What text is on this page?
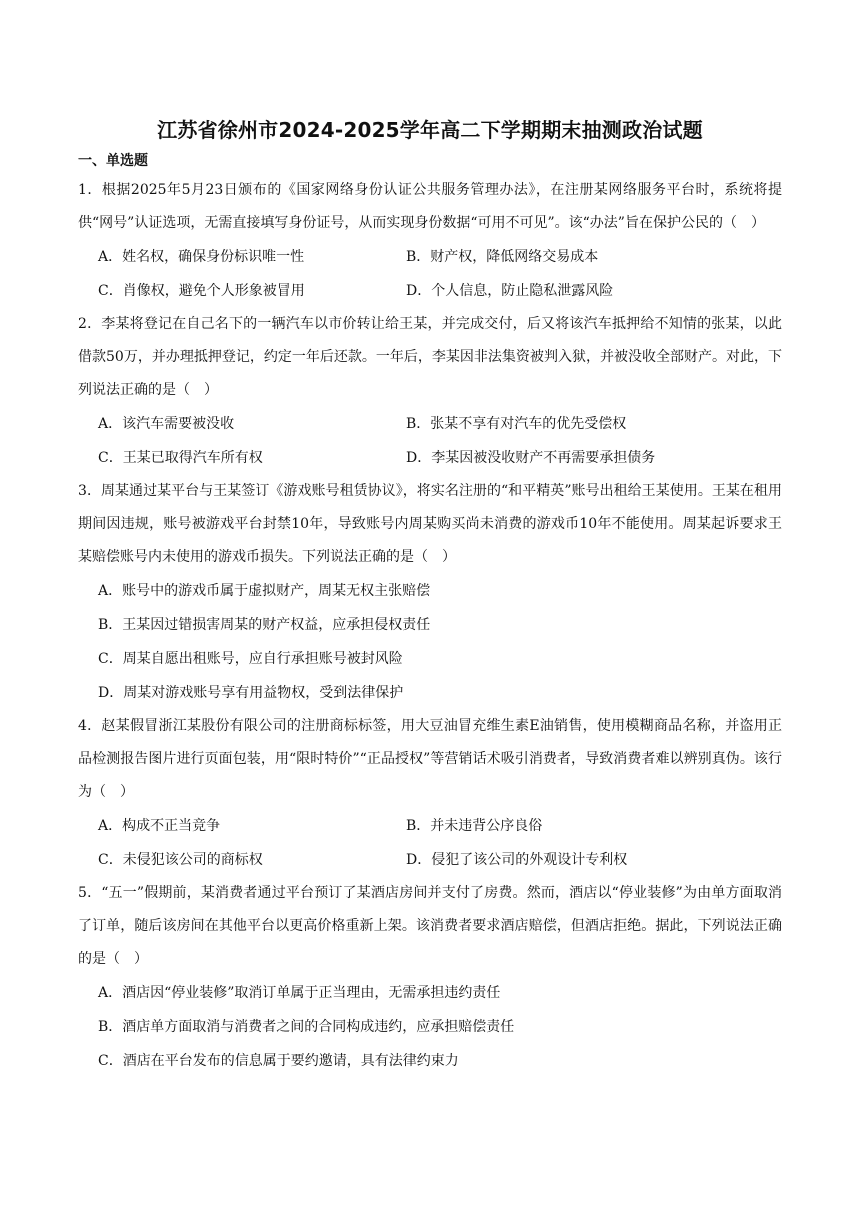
江苏省徐州市2024-2025学年高二下学期期末抽测政治试题
一、单选题

1．根据2025年5月23日颁布的《国家网络身份认证公共服务管理办法》，在注册某网络服务平台时，系统将提供“网号”认证选项，无需直接填写身份证号，从而实现身份数据“可用不可见”。该“办法”旨在保护公民的（　）

A．姓名权，确保身份标识唯一性	B．财产权，降低网络交易成本
C．肖像权，避免个人形象被冒用	D．个人信息，防止隐私泄露风险

2．李某将登记在自己名下的一辆汽车以市价转让给王某，并完成交付，后又将该汽车抵押给不知情的张某，以此借款50万，并办理抵押登记，约定一年后还款。一年后，李某因非法集资被判入狱，并被没收全部财产。对此，下列说法正确的是（　）

A．该汽车需要被没收	B．张某不享有对汽车的优先受偿权
C．王某已取得汽车所有权	D．李某因被没收财产不再需要承担债务

3．周某通过某平台与王某签订《游戏账号租赁协议》，将实名注册的“和平精英”账号出租给王某使用。王某在租用期间因违规，账号被游戏平台封禁10年，导致账号内周某购买尚未消费的游戏币10年不能使用。周某起诉要求王某赔偿账号内未使用的游戏币损失。下列说法正确的是（　）

A．账号中的游戏币属于虚拟财产，周某无权主张赔偿
B．王某因过错损害周某的财产权益，应承担侵权责任
C．周某自愿出租账号，应自行承担账号被封风险
D．周某对游戏账号享有用益物权，受到法律保护

4．赵某假冒浙江某股份有限公司的注册商标标签，用大豆油冒充维生素E油销售，使用模糊商品名称，并盗用正品检测报告图片进行页面包装，用“限时特价”“正品授权”等营销话术吸引消费者，导致消费者难以辨别真伪。该行为（　）

A．构成不正当竞争	B．并未违背公序良俗
C．未侵犯该公司的商标权	D．侵犯了该公司的外观设计专利权

5．“五一”假期前，某消费者通过平台预订了某酒店房间并支付了房费。然而，酒店以“停业装修”为由单方面取消了订单，随后该房间在其他平台以更高价格重新上架。该消费者要求酒店赔偿，但酒店拒绝。据此，下列说法正确的是（　）

A．酒店因“停业装修”取消订单属于正当理由，无需承担违约责任
B．酒店单方面取消与消费者之间的合同构成违约，应承担赔偿责任
C．酒店在平台发布的信息属于要约邀请，具有法律约束力
